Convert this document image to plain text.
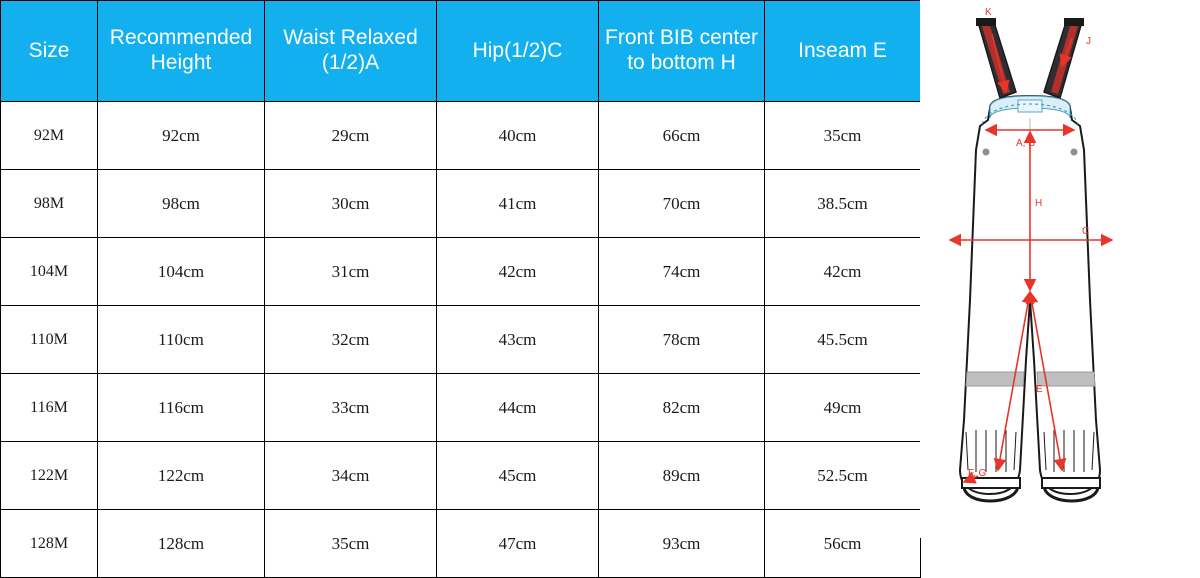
Size	Recommended Height	Waist Relaxed (1/2)A	Hip(1/2)C	Front BIB center to bottom H	Inseam E
92M	92cm	29cm	40cm	66cm	35cm
98M	98cm	30cm	41cm	70cm	38.5cm
104M	104cm	31cm	42cm	74cm	42cm
110M	110cm	32cm	43cm	78cm	45.5cm
116M	116cm	33cm	44cm	82cm	49cm
122M	122cm	34cm	45cm	89cm	52.5cm
128M	128cm	35cm	47cm	93cm	56cm
K
J
A, B
H
C
E
F, G
